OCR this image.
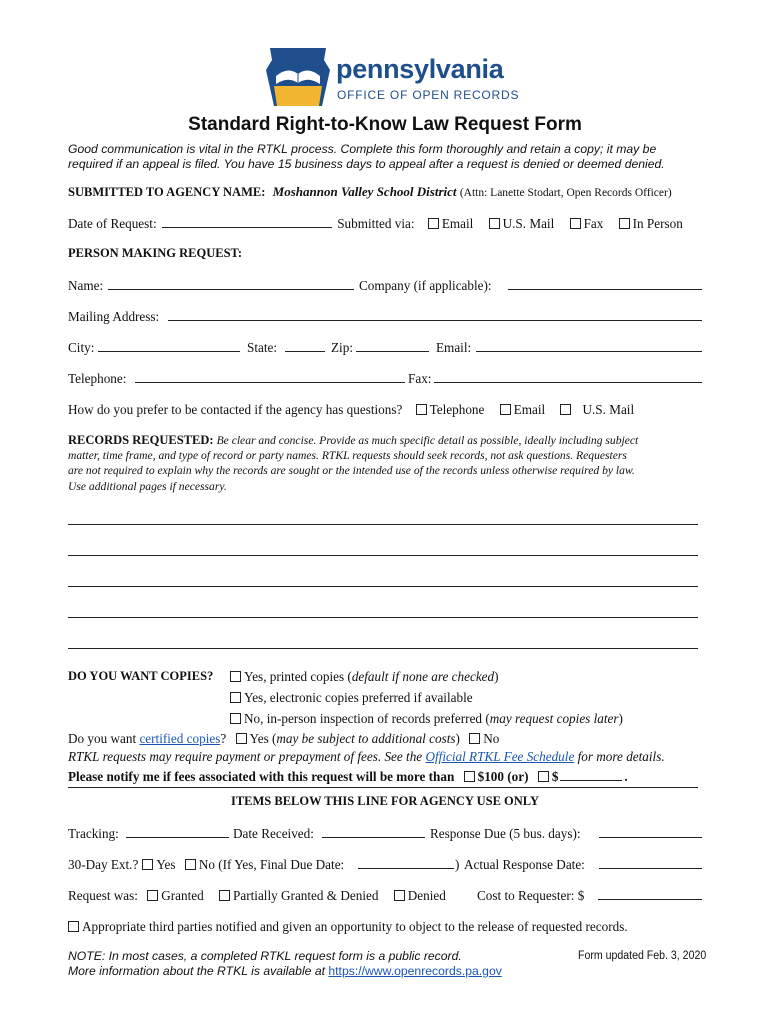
pennsylvania
OFFICE OF OPEN RECORDS
Standard Right-to-Know Law Request Form
Good communication is vital in the RTKL process. Complete this form thoroughly and retain a copy; it may be
required if an appeal is filed. You have 15 business days to appeal after a request is denied or deemed denied.
SUBMITTED TO AGENCY NAME: Moshannon Valley School District (Attn: Lanette Stodart, Open Records Officer)
Date of Request:	Submitted via: Email U.S. Mail Fax In Person
PERSON MAKING REQUEST:
Name:	Company (if applicable):
Mailing Address:
City:	State:	Zip:	Email:
Telephone:	Fax:
How do you prefer to be contacted if the agency has questions? Telephone Email	U.S. Mail
RECORDS REQUESTED: Be clear and concise. Provide as much specific detail as possible, ideally including subject
matter, time frame, and type of record or party names. RTKL requests should seek records, not ask questions. Requesters
are not required to explain why the records are sought or the intended use of the records unless otherwise required by law.
Use additional pages if necessary.
DO YOU WANT COPIES?	Yes, printed copies (default if none are checked)
Yes, electronic copies preferred if available
No, in-person inspection of records preferred (may request copies later)
Do you want certified copies? Yes (may be subject to additional costs) No
RTKL requests may require payment or prepayment of fees. See the Official RTKL Fee Schedule for more details.
Please notify me if fees associated with this request will be more than $100 (or) $	.
ITEMS BELOW THIS LINE FOR AGENCY USE ONLY
Tracking:	Date Received:	Response Due (5 bus. days):
30-Day Ext.? Yes No (If Yes, Final Due Date:	) Actual Response Date:
Request was: Granted Partially Granted & Denied Denied Cost to Requester: $
Appropriate third parties notified and given an opportunity to object to the release of requested records.
NOTE: In most cases, a completed RTKL request form is a public record.
More information about the RTKL is available at https://www.openrecords.pa.gov
Form updated Feb. 3, 2020
